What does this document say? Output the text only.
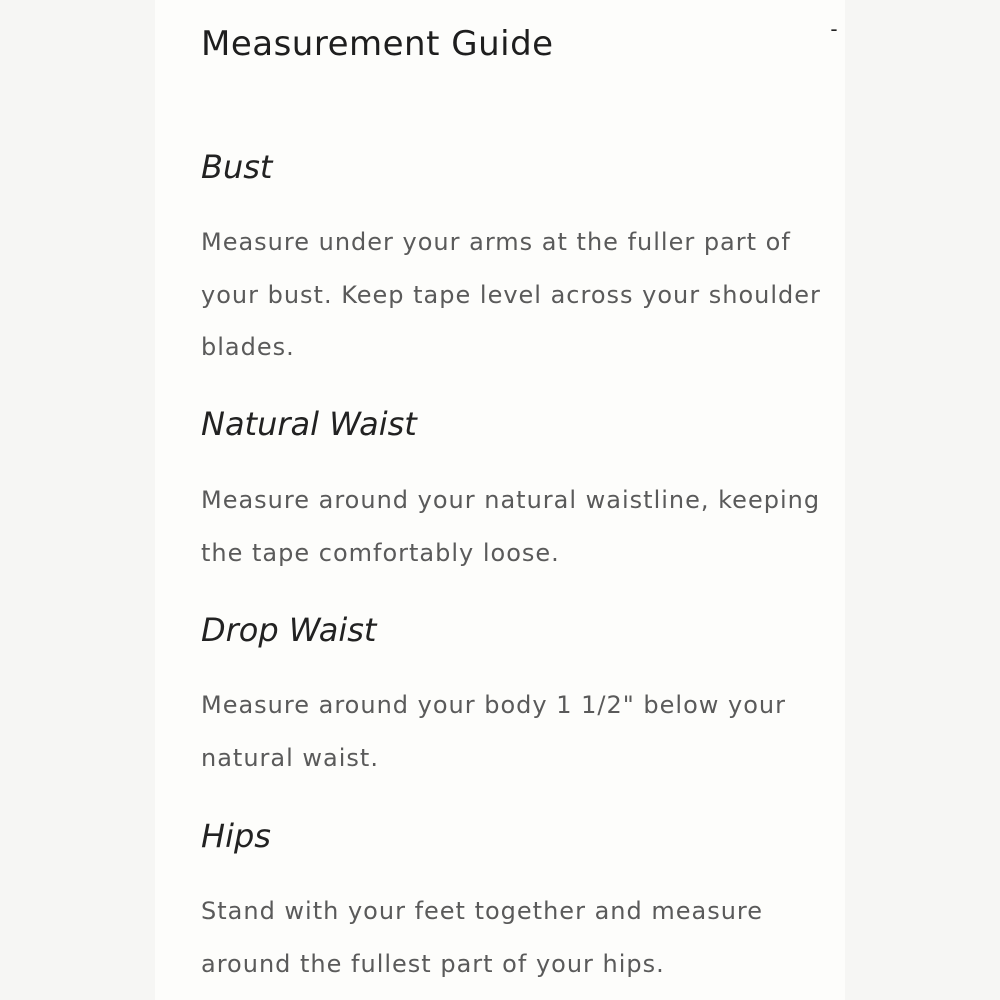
Measurement Guide	-
Bust

Measure under your arms at the fuller part of your bust. Keep tape level across your shoulder blades.

Natural Waist

Measure around your natural waistline, keeping the tape comfortably loose.

Drop Waist

Measure around your body 1 1/2" below your natural waist.

Hips

Stand with your feet together and measure around the fullest part of your hips.
